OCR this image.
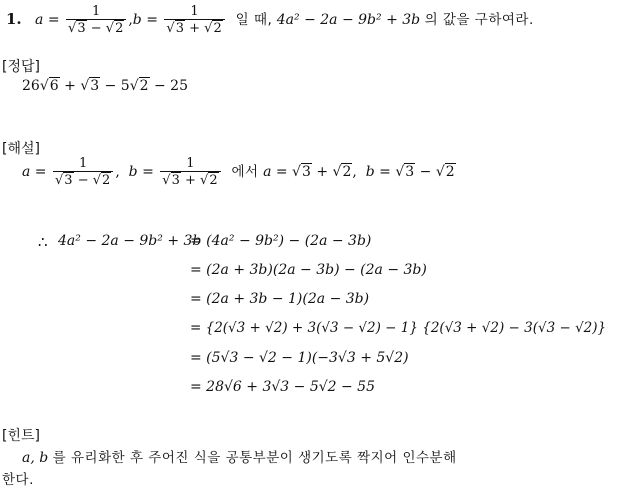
1. $a = \frac{1}{√3 - √2} ,b = \frac{1}{√3 + √2}$ 일 때, 4a² − 2a − 9b² + 3b 의 값을 구하여라.
[정답]
26√6 + √3 − 5√2 − 25
[해설]
$a = \frac{1}{√3 - √2}$ , $b = \frac{1}{√3 + √2}$ 에서 a = √3 + √2, b = √3 − √2
∴ 4a² − 2a − 9b² + 3b
= (4a² − 9b²) − (2a − 3b)
= (2a + 3b)(2a − 3b) − (2a − 3b)
= (2a + 3b − 1)(2a − 3b)
= {2(√3 + √2) + 3(√3 − √2) − 1} {2(√3 + √2) − 3(√3 − √2)}
= (5√3 − √2 − 1)(−3√3 + 5√2)
= 28√6 + 3√3 − 5√2 − 55
[힌트]
a, b 를 유리화한 후 주어진 식을 공통부분이 생기도록 짝지어 인수분해
한다.
